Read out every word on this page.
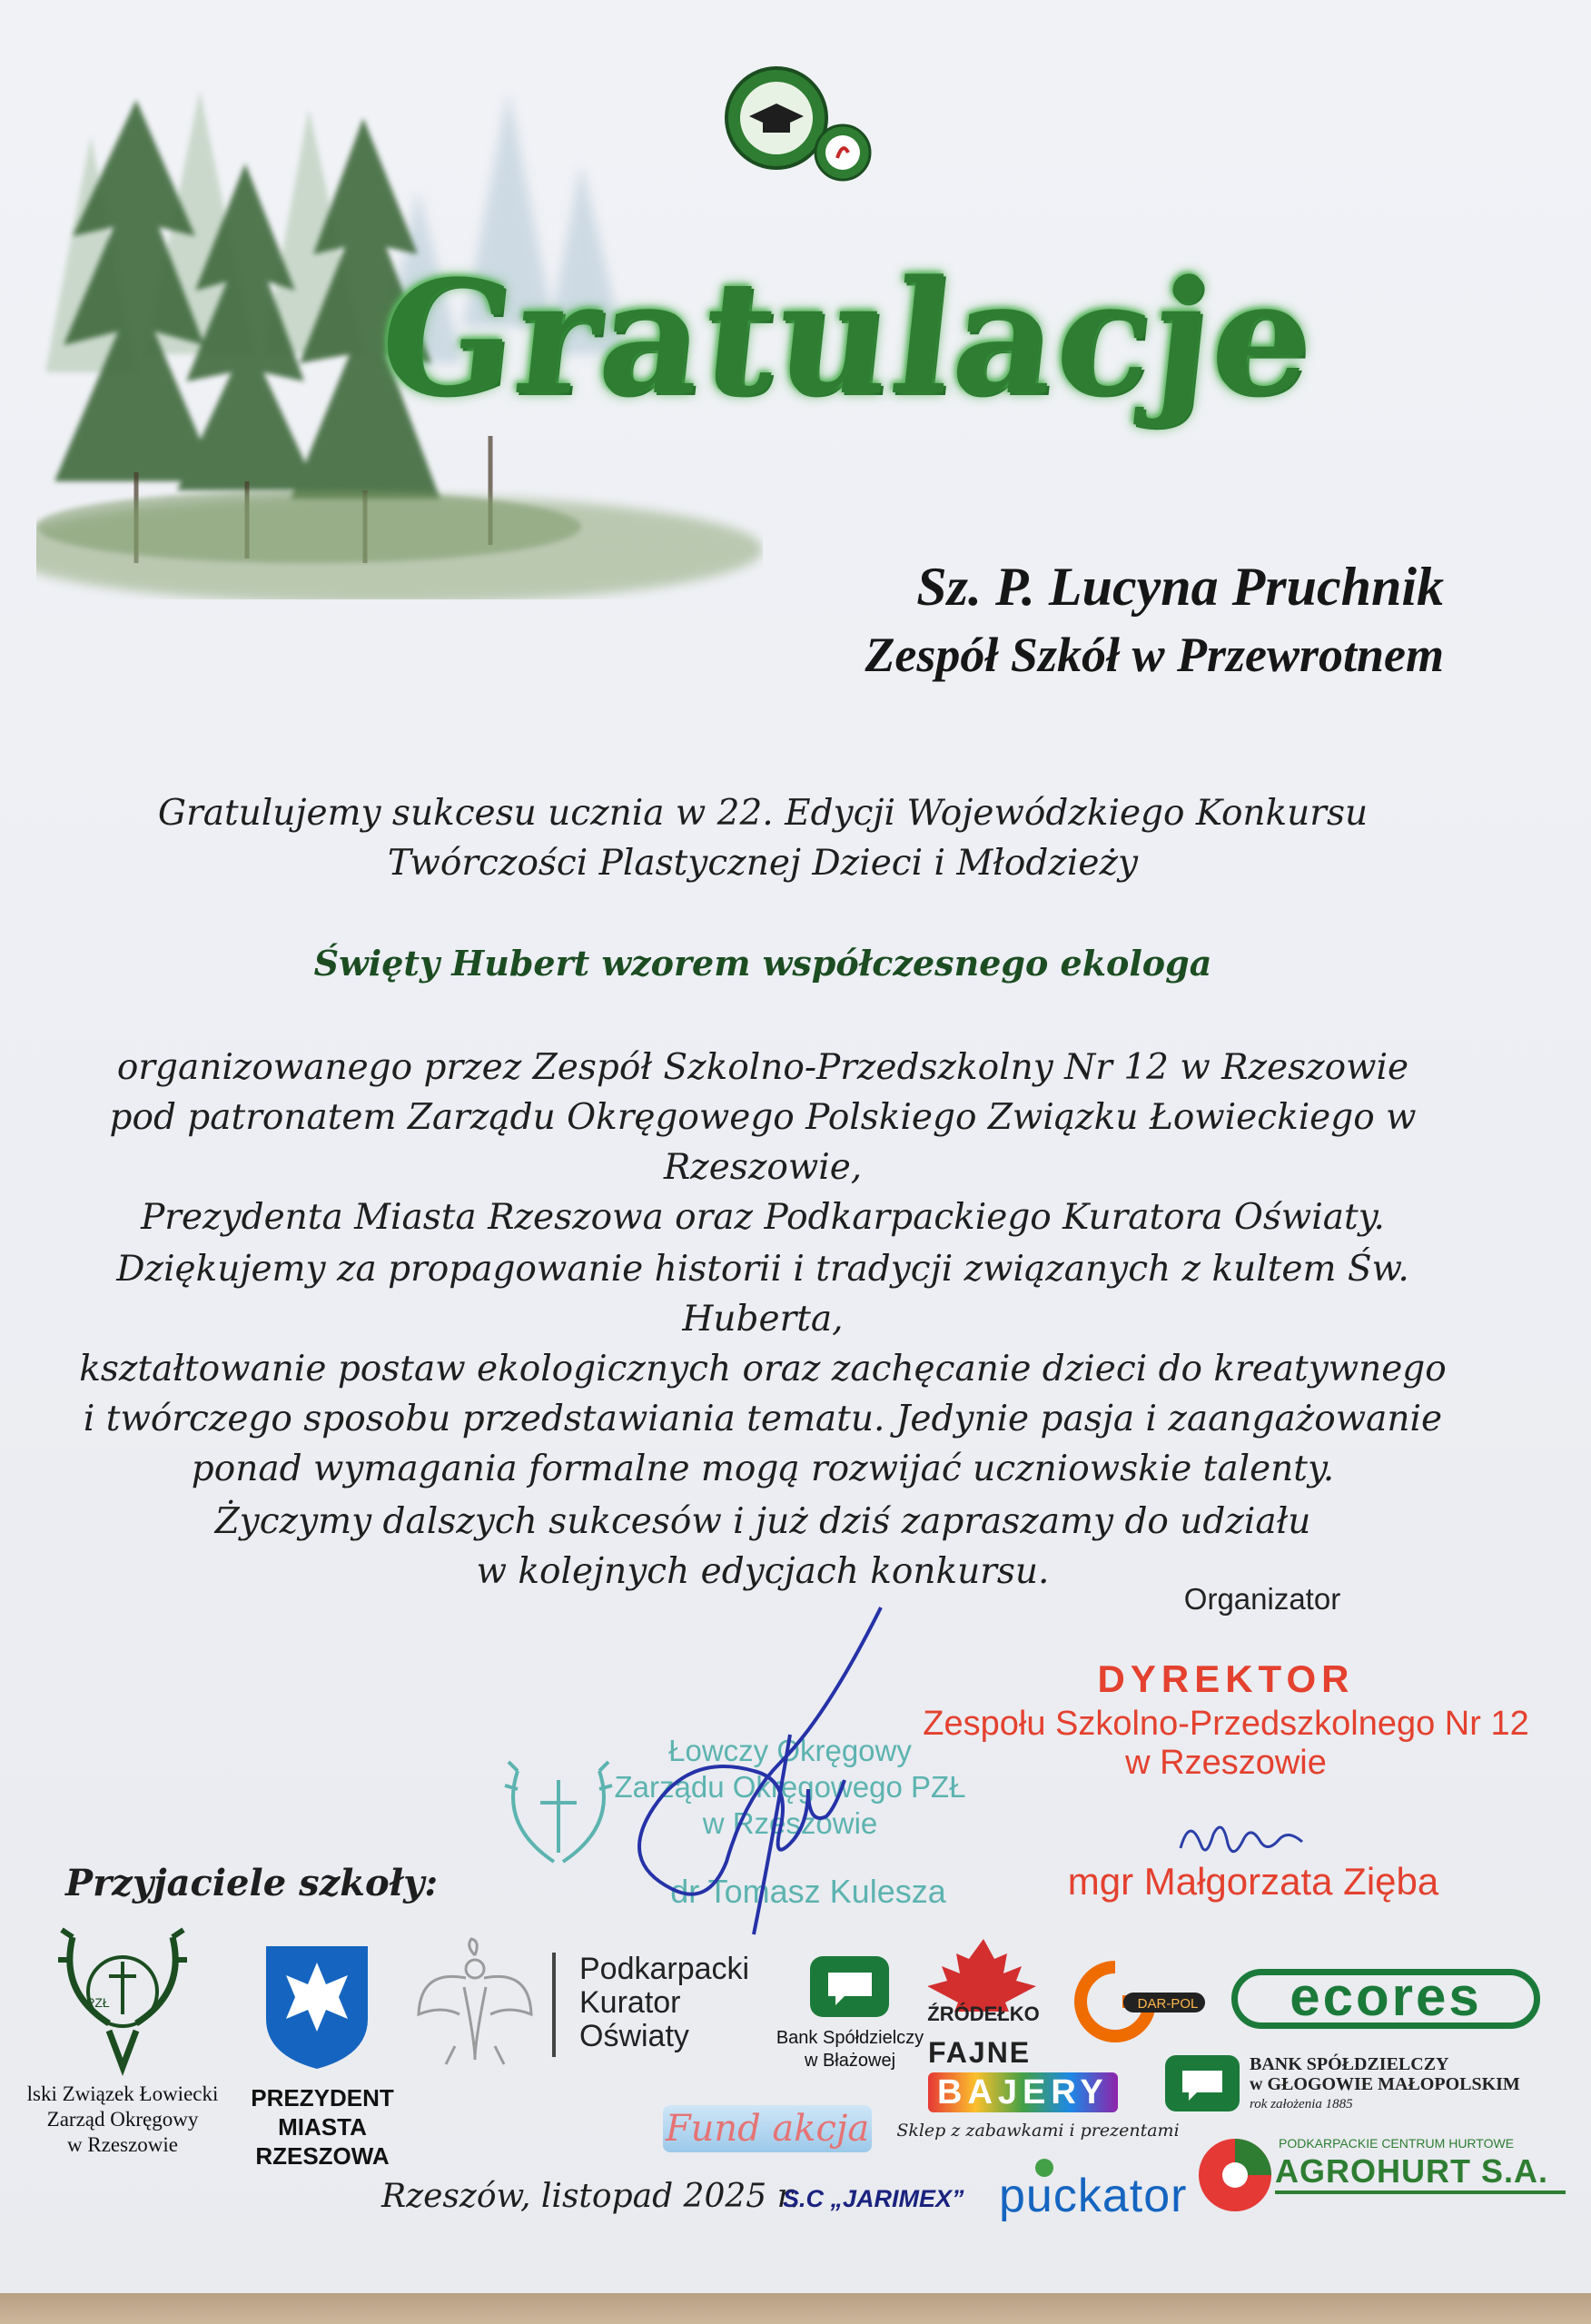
Gratulacje
Sz. P. Lucyna Pruchnik
Zespół Szkół w Przewrotnem
Gratulujemy sukcesu ucznia w 22. Edycji Wojewódzkiego Konkursu
Twórczości Plastycznej Dzieci i Młodzieży
Święty Hubert wzorem współczesnego ekologa
organizowanego przez Zespół Szkolno-Przedszkolny Nr 12 w Rzeszowie
pod patronatem Zarządu Okręgowego Polskiego Związku Łowieckiego w Rzeszowie,
Prezydenta Miasta Rzeszowa oraz Podkarpackiego Kuratora Oświaty.
Dziękujemy za propagowanie historii i tradycji związanych z kultem Św. Huberta,
kształtowanie postaw ekologicznych oraz zachęcanie dzieci do kreatywnego
i twórczego sposobu przedstawiania tematu. Jedynie pasja i zaangażowanie
ponad wymagania formalne mogą rozwijać uczniowskie talenty.
Życzymy dalszych sukcesów i już dziś zapraszamy do udziału
w kolejnych edycjach konkursu.
Organizator
DYREKTOR
Zespołu Szkolno-Przedszkolnego Nr 12
w Rzeszowie
mgr Małgorzata Zięba
Łowczy Okręgowy
Zarządu Okręgowego PZŁ
w Rzeszowie
dr Tomasz Kulesza
Przyjaciele szkoły:
PZŁ
lski Związek Łowiecki
Zarząd Okręgowy
w Rzeszowie
PREZYDENT
MIASTA
RZESZOWA
Podkarpacki
Kurator
Oświaty	Bank Spółdzielczy
w Błażowej
ŹRÓDEŁKO	DAR-POL	ecores
FAJNE
BAJERY
Sklep z zabawkami i prezentami
BANK SPÓŁDZIELCZY
w GŁOGOWIE MAŁOPOLSKIM
rok założenia 1885
Fund akcja
Rzeszów, listopad 2025 r.
S.C „JARIMEX” puckator
PODKARPACKIE CENTRUM HURTOWE
AGROHURT S.A.
